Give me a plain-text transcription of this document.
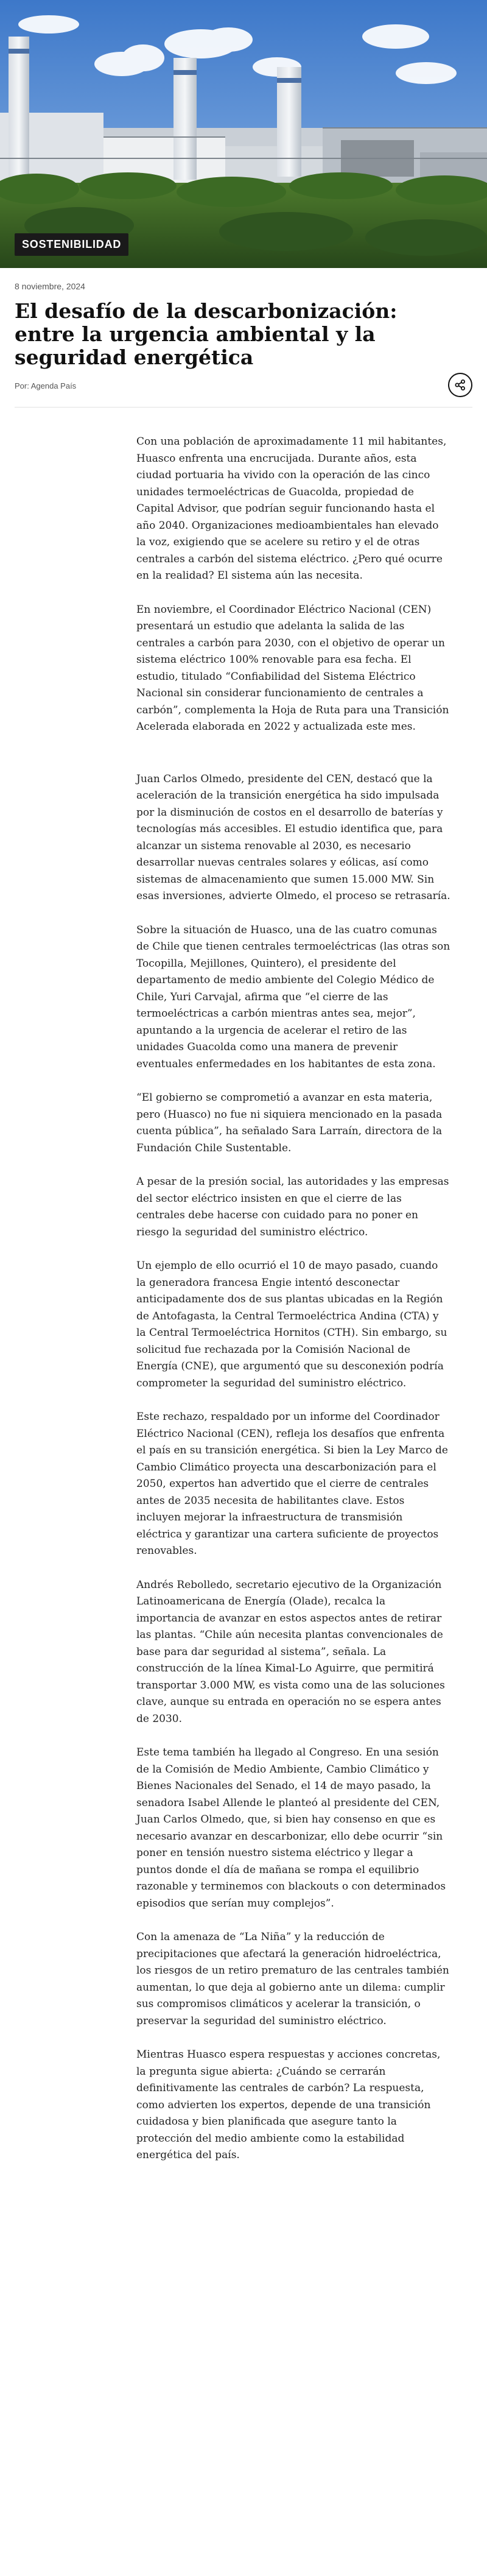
SOSTENIBILIDAD
8 noviembre, 2024
El desafío de la descarbonización: entre la urgencia ambiental y la seguridad energética
Por: Agenda País

Con una población de aproximadamente 11 mil habitantes, Huasco enfrenta una encrucijada. Durante años, esta ciudad portuaria ha vivido con la operación de las cinco unidades termoeléctricas de Guacolda, propiedad de Capital Advisor, que podrían seguir funcionando hasta el año 2040. Organizaciones medioambientales han elevado la voz, exigiendo que se acelere su retiro y el de otras centrales a carbón del sistema eléctrico. ¿Pero qué ocurre en la realidad? El sistema aún las necesita.

En noviembre, el Coordinador Eléctrico Nacional (CEN) presentará un estudio que adelanta la salida de las centrales a carbón para 2030, con el objetivo de operar un sistema eléctrico 100% renovable para esa fecha. El estudio, titulado “Confiabilidad del Sistema Eléctrico Nacional sin considerar funcionamiento de centrales a carbón”, complementa la Hoja de Ruta para una Transición Acelerada elaborada en 2022 y actualizada este mes.

Juan Carlos Olmedo, presidente del CEN, destacó que la aceleración de la transición energética ha sido impulsada por la disminución de costos en el desarrollo de baterías y tecnologías más accesibles. El estudio identifica que, para alcanzar un sistema renovable al 2030, es necesario desarrollar nuevas centrales solares y eólicas, así como sistemas de almacenamiento que sumen 15.000 MW. Sin esas inversiones, advierte Olmedo, el proceso se retrasaría.

Sobre la situación de Huasco, una de las cuatro comunas de Chile que tienen centrales termoeléctricas (las otras son Tocopilla, Mejillones, Quintero), el presidente del departamento de medio ambiente del Colegio Médico de Chile, Yuri Carvajal, afirma que “el cierre de las termoeléctricas a carbón mientras antes sea, mejor”, apuntando a la urgencia de acelerar el retiro de las unidades Guacolda como una manera de prevenir eventuales enfermedades en los habitantes de esta zona.

“El gobierno se comprometió a avanzar en esta materia, pero (Huasco) no fue ni siquiera mencionado en la pasada cuenta pública”, ha señalado Sara Larraín, directora de la Fundación Chile Sustentable.

A pesar de la presión social, las autoridades y las empresas del sector eléctrico insisten en que el cierre de las centrales debe hacerse con cuidado para no poner en riesgo la seguridad del suministro eléctrico.

Un ejemplo de ello ocurrió el 10 de mayo pasado, cuando la generadora francesa Engie intentó desconectar anticipadamente dos de sus plantas ubicadas en la Región de Antofagasta, la Central Termoeléctrica Andina (CTA) y la Central Termoeléctrica Hornitos (CTH). Sin embargo, su solicitud fue rechazada por la Comisión Nacional de Energía (CNE), que argumentó que su desconexión podría comprometer la seguridad del suministro eléctrico.

Este rechazo, respaldado por un informe del Coordinador Eléctrico Nacional (CEN), refleja los desafíos que enfrenta el país en su transición energética. Si bien la Ley Marco de Cambio Climático proyecta una descarbonización para el 2050, expertos han advertido que el cierre de centrales antes de 2035 necesita de habilitantes clave. Estos incluyen mejorar la infraestructura de transmisión eléctrica y garantizar una cartera suficiente de proyectos renovables.

Andrés Rebolledo, secretario ejecutivo de la Organización Latinoamericana de Energía (Olade), recalca la importancia de avanzar en estos aspectos antes de retirar las plantas. “Chile aún necesita plantas convencionales de base para dar seguridad al sistema”, señala. La construcción de la línea Kimal-Lo Aguirre, que permitirá transportar 3.000 MW, es vista como una de las soluciones clave, aunque su entrada en operación no se espera antes de 2030.

Este tema también ha llegado al Congreso. En una sesión de la Comisión de Medio Ambiente, Cambio Climático y Bienes Nacionales del Senado, el 14 de mayo pasado, la senadora Isabel Allende le planteó al presidente del CEN, Juan Carlos Olmedo, que, si bien hay consenso en que es necesario avanzar en descarbonizar, ello debe ocurrir “sin poner en tensión nuestro sistema eléctrico y llegar a puntos donde el día de mañana se rompa el equilibrio razonable y terminemos con blackouts o con determinados episodios que serían muy complejos”.

Con la amenaza de “La Niña” y la reducción de precipitaciones que afectará la generación hidroeléctrica, los riesgos de un retiro prematuro de las centrales también aumentan, lo que deja al gobierno ante un dilema: cumplir sus compromisos climáticos y acelerar la transición, o preservar la seguridad del suministro eléctrico.

Mientras Huasco espera respuestas y acciones concretas, la pregunta sigue abierta: ¿Cuándo se cerrarán definitivamente las centrales de carbón? La respuesta, como advierten los expertos, depende de una transición cuidadosa y bien planificada que asegure tanto la protección del medio ambiente como la estabilidad energética del país.
